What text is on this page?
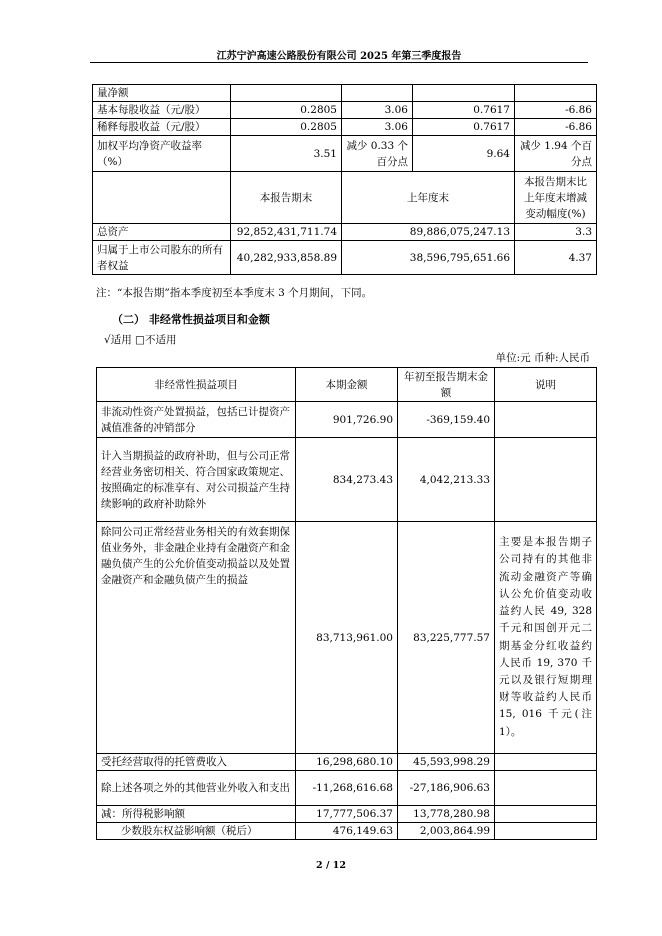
江苏宁沪高速公路股份有限公司 2025 年第三季度报告
量净额				
基本每股收益（元/股）	0.2805	3.06	0.7617	-6.86
稀释每股收益（元/股）	0.2805	3.06	0.7617	-6.86
加权平均净资产收益率（%）	3.51	减少 0.33 个百分点	9.64	减少 1.94 个百分点
	本报告期末	上年度末		本报告期末比上年度末增减变动幅度(%)
总资产	92,852,431,711.74	89,886,075,247.13		3.3
归属于上市公司股东的所有者权益	40,282,933,858.89	38,596,795,651.66		4.37
注：“本报告期”指本季度初至本季度末 3 个月期间，下同。
（二） 非经常性损益项目和金额
√适用 □不适用
单位:元 币种:人民币
非经常性损益项目	本期金额	年初至报告期末金额	说明
非流动性资产处置损益，包括已计提资产减值准备的冲销部分	901,726.90	-369,159.40	
计入当期损益的政府补助，但与公司正常经营业务密切相关、符合国家政策规定、按照确定的标准享有、对公司损益产生持续影响的政府补助除外	834,273.43	4,042,213.33	
除同公司正常经营业务相关的有效套期保值业务外，非金融企业持有金融资产和金融负债产生的公允价值变动损益以及处置金融资产和金融负债产生的损益	83,713,961.00	83,225,777.57	主要是本报告期子公司持有的其他非流动金融资产等确认公允价值变动收益约人民 49, 328 千元和国创开元二期基金分红收益约人民币 19, 370 千元以及银行短期理财等收益约人民币 15, 016 千元(注 1）。
受托经营取得的托管费收入	16,298,680.10	45,593,998.29	
除上述各项之外的其他营业外收入和支出	-11,268,616.68	-27,186,906.63	
减：所得税影响额	17,777,506.37	13,778,280.98	
少数股东权益影响额（税后）	476,149.63	2,003,864.99	
2 / 12
